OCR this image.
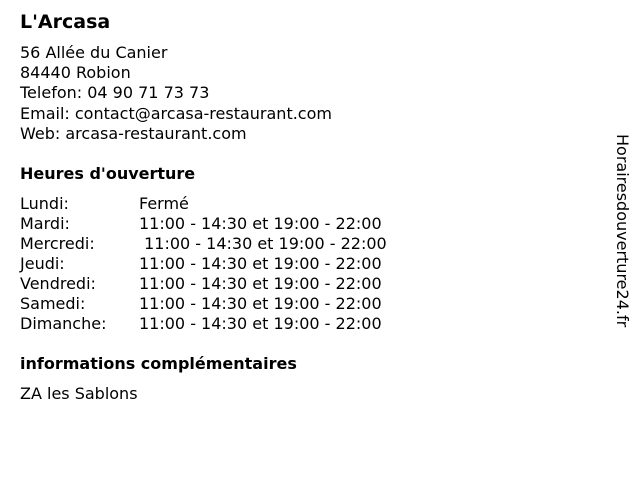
L'Arcasa
56 Allée du Canier
84440 Robion
Telefon: 04 90 71 73 73
Email: contact@arcasa-restaurant.com
Web: arcasa-restaurant.com
Heures d'ouverture
Lundi:	Fermé
Mardi:	11:00 - 14:30 et 19:00 - 22:00
Mercredi:	11:00 - 14:30 et 19:00 - 22:00
Jeudi:	11:00 - 14:30 et 19:00 - 22:00
Vendredi:	11:00 - 14:30 et 19:00 - 22:00
Samedi:	11:00 - 14:30 et 19:00 - 22:00
Dimanche:	11:00 - 14:30 et 19:00 - 22:00
informations complémentaires
ZA les Sablons
Horairesdouverture24.fr
